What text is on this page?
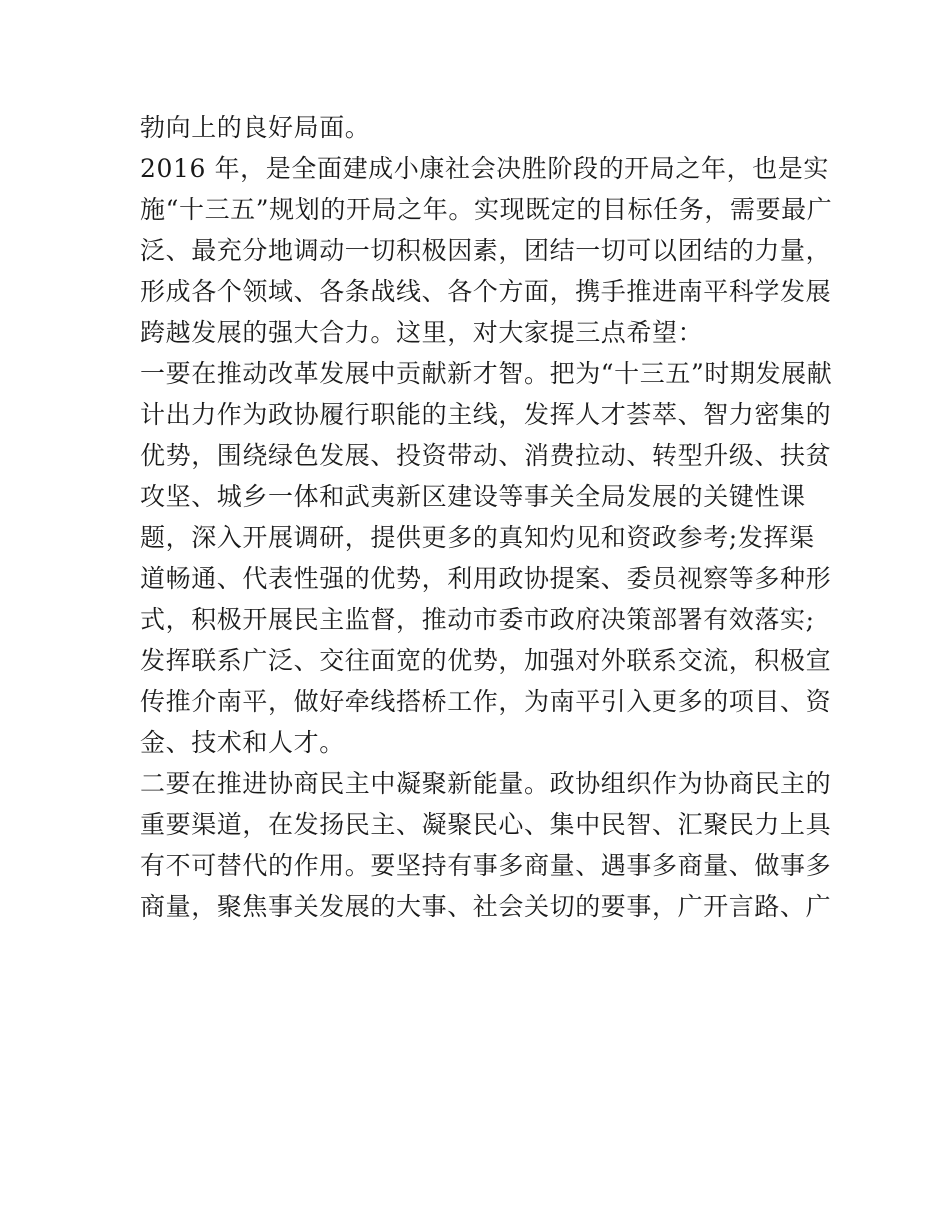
勃向上的良好局面。
2016 年，是全面建成小康社会决胜阶段的开局之年，也是实
施“十三五”规划的开局之年。实现既定的目标任务，需要最广
泛、最充分地调动一切积极因素，团结一切可以团结的力量，
形成各个领域、各条战线、各个方面，携手推进南平科学发展
跨越发展的强大合力。这里，对大家提三点希望：
一要在推动改革发展中贡献新才智。把为“十三五”时期发展献
计出力作为政协履行职能的主线，发挥人才荟萃、智力密集的
优势，围绕绿色发展、投资带动、消费拉动、转型升级、扶贫
攻坚、城乡一体和武夷新区建设等事关全局发展的关键性课
题，深入开展调研，提供更多的真知灼见和资政参考;发挥渠
道畅通、代表性强的优势，利用政协提案、委员视察等多种形
式，积极开展民主监督，推动市委市政府决策部署有效落实;
发挥联系广泛、交往面宽的优势，加强对外联系交流，积极宣
传推介南平，做好牵线搭桥工作，为南平引入更多的项目、资
金、技术和人才。
二要在推进协商民主中凝聚新能量。政协组织作为协商民主的
重要渠道，在发扬民主、凝聚民心、集中民智、汇聚民力上具
有不可替代的作用。要坚持有事多商量、遇事多商量、做事多
商量，聚焦事关发展的大事、社会关切的要事，广开言路、广
